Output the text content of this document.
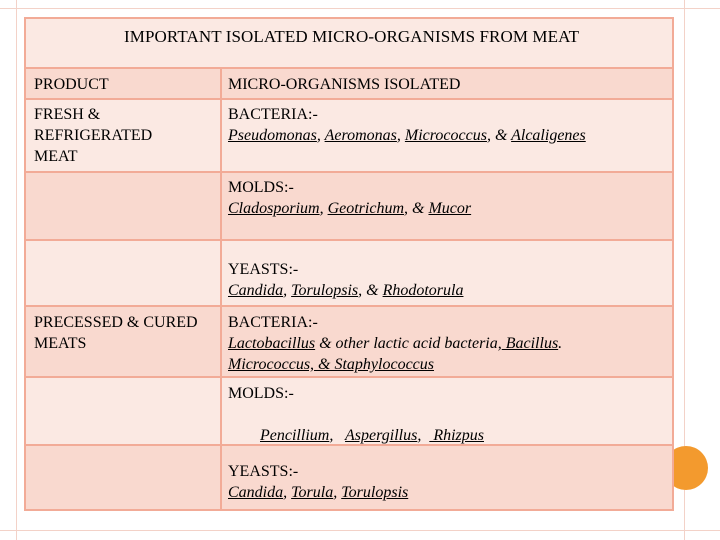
IMPORTANT ISOLATED MICRO-ORGANISMS FROM MEAT
PRODUCT	MICRO-ORGANISMS ISOLATED
FRESH &
REFRIGERATED
MEAT
BACTERIA:-
Pseudomonas, Aeromonas, Micrococcus, & Alcaligenes
MOLDS:-
Cladosporium, Geotrichum, & Mucor
YEASTS:-
Candida, Torulopsis, & Rhodotorula
PRECESSED & CURED
MEATS
BACTERIA:-
Lactobacillus & other lactic acid bacteria, Bacillus.
Micrococcus, & Staphylococcus
MOLDS:-

Pencillium,   Aspergillus,   Rhizpus

YEASTS:-
Candida, Torula, Torulopsis
